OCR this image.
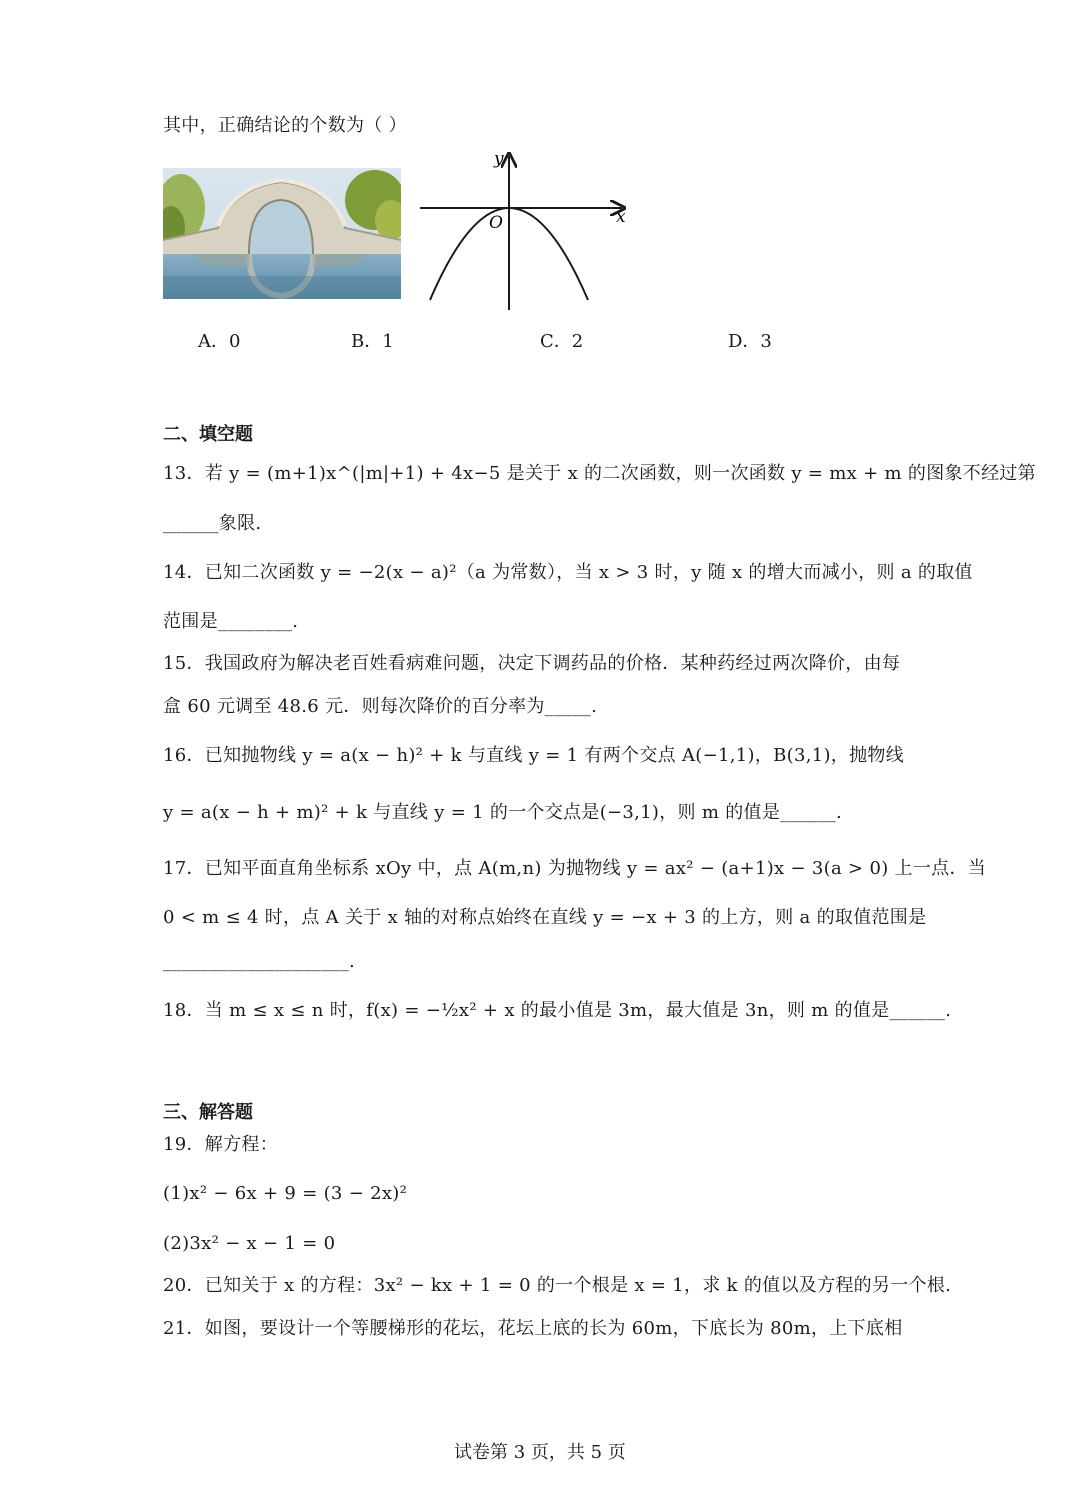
其中，正确结论的个数为（ ）
y
x
O
A．0	B．1	C．2	D．3
二、填空题
13．若 y = (m+1)x^(|m|+1) + 4x−5 是关于 x 的二次函数，则一次函数 y = mx + m 的图象不经过第
______象限.
14．已知二次函数 y = −2(x − a)²（a 为常数），当 x > 3 时，y 随 x 的增大而减小，则 a 的取值
范围是________.
15．我国政府为解决老百姓看病难问题，决定下调药品的价格．某种药经过两次降价，由每
盒 60 元调至 48.6 元．则每次降价的百分率为_____.
16．已知抛物线 y = a(x − h)² + k 与直线 y = 1 有两个交点 A(−1,1)，B(3,1)，抛物线
y = a(x − h + m)² + k 与直线 y = 1 的一个交点是(−3,1)，则 m 的值是______.
17．已知平面直角坐标系 xOy 中，点 A(m,n) 为抛物线 y = ax² − (a+1)x − 3(a > 0) 上一点．当
0 < m ≤ 4 时，点 A 关于 x 轴的对称点始终在直线 y = −x + 3 的上方，则 a 的取值范围是
____________________.
18．当 m ≤ x ≤ n 时，f(x) = −½x² + x 的最小值是 3m，最大值是 3n，则 m 的值是______.
三、解答题
19．解方程：
(1)x² − 6x + 9 = (3 − 2x)²
(2)3x² − x − 1 = 0
20．已知关于 x 的方程：3x² − kx + 1 = 0 的一个根是 x = 1，求 k 的值以及方程的另一个根.
21．如图，要设计一个等腰梯形的花坛，花坛上底的长为 60m，下底长为 80m，上下底相
试卷第 3 页，共 5 页
